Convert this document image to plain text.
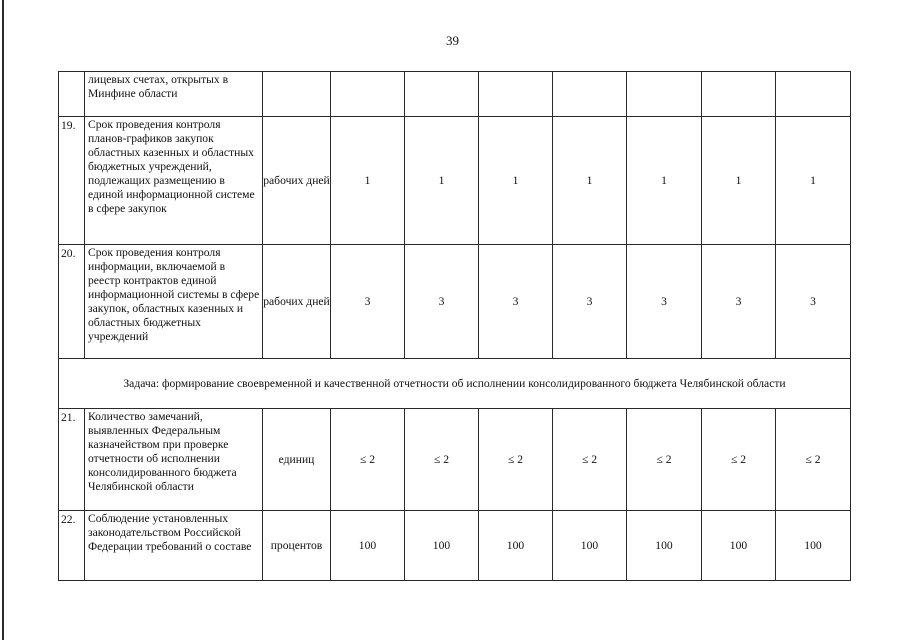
39
	лицевых счетах, открытых в Минфине области								
19.	Срок проведения контроля планов-графиков закупок областных казенных и областных бюджетных учреждений, подлежащих размещению в единой информационной системе в сфере закупок	рабочих дней	1	1	1	1	1	1	1
20.	Срок проведения контроля информации, включаемой в реестр контрактов единой информационной системы в сфере закупок, областных казенных и областных бюджетных учреждений	рабочих дней	3	3	3	3	3	3	3
Задача: формирование своевременной и качественной отчетности об исполнении консолидированного бюджета Челябинской области									
21.	Количество замечаний, выявленных Федеральным казначейством при проверке отчетности об исполнении консолидированного бюджета Челябинской области	единиц	≤ 2	≤ 2	≤ 2	≤ 2	≤ 2	≤ 2	≤ 2
22.	Соблюдение установленных законодательством Российской Федерации требований о составе	процентов	100	100	100	100	100	100	100
